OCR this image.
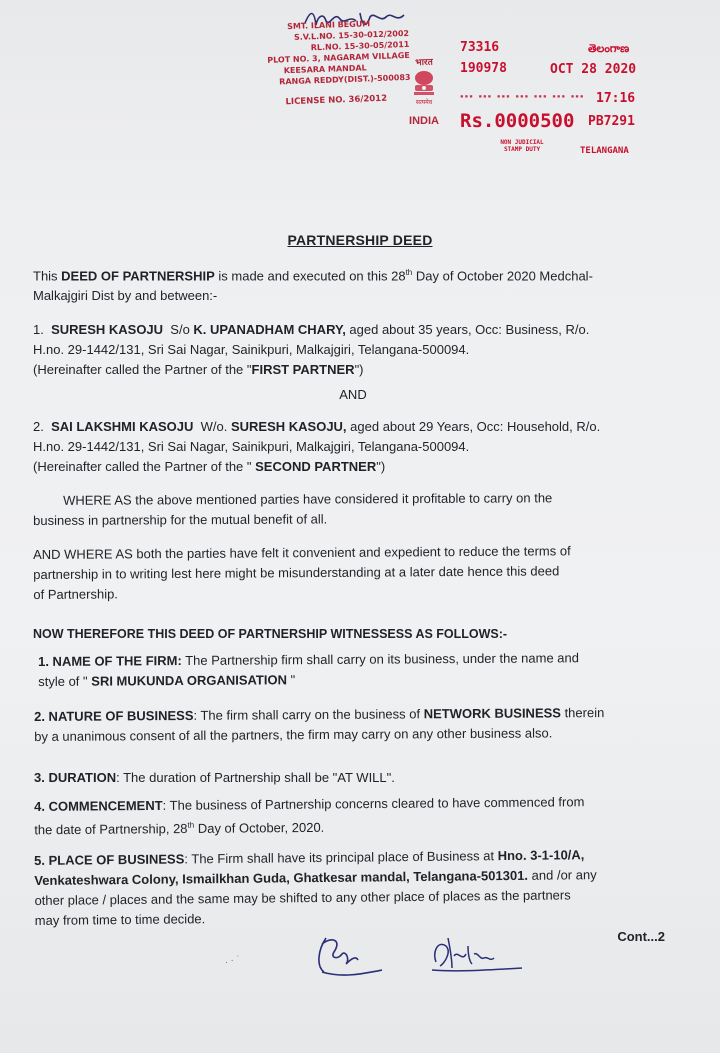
SMT. ILANI BEGUM
S.V.L.NO. 15-30-012/2002
RL.NO. 15-30-05/2011
PLOT NO. 3, NAGARAM VILLAGE
KEESARA MANDAL
RANGA REDDY(DIST.)-500083
LICENSE NO. 36/2012
भारत
सत्यमेव
INDIA
73316	తెలంగాణ
190978	OCT 28 2020
▪▪▪ ▪▪▪ ▪▪▪ ▪▪▪ ▪▪▪ ▪▪▪ ▪▪▪ 17:16
Rs.0000500 PB7291
NON JUDICIAL STAMP DUTY	TELANGANA
PARTNERSHIP DEED
This DEED OF PARTNERSHIP is made and executed on this 28th Day of October 2020 Medchal-
Malkajgiri Dist by and between:-
1. SURESH KASOJU S/o K. UPANADHAM CHARY, aged about 35 years, Occ: Business, R/o.
H.no. 29-1442/131, Sri Sai Nagar, Sainikpuri, Malkajgiri, Telangana-500094.
(Hereinafter called the Partner of the "FIRST PARTNER")
AND
2. SAI LAKSHMI KASOJU W/o. SURESH KASOJU, aged about 29 Years, Occ: Household, R/o.
H.no. 29-1442/131, Sri Sai Nagar, Sainikpuri, Malkajgiri, Telangana-500094.
(Hereinafter called the Partner of the " SECOND PARTNER")
WHERE AS the above mentioned parties have considered it profitable to carry on the
business in partnership for the mutual benefit of all.
AND WHERE AS both the parties have felt it convenient and expedient to reduce the terms of
partnership in to writing lest here might be misunderstanding at a later date hence this deed
of Partnership.
NOW THEREFORE THIS DEED OF PARTNERSHIP WITNESSESS AS FOLLOWS:-
1. NAME OF THE FIRM: The Partnership firm shall carry on its business, under the name and
style of " SRI MUKUNDA ORGANISATION "
2. NATURE OF BUSINESS: The firm shall carry on the business of NETWORK BUSINESS therein
by a unanimous consent of all the partners, the firm may carry on any other business also.
3. DURATION: The duration of Partnership shall be "AT WILL".
4. COMMENCEMENT: The business of Partnership concerns cleared to have commenced from
the date of Partnership, 28th Day of October, 2020.
5. PLACE OF BUSINESS: The Firm shall have its principal place of Business at Hno. 3-1-10/A,
Venkateshwara Colony, Ismailkhan Guda, Ghatkesar mandal, Telangana-501301. and /or any
other place / places and the same may be shifted to any other place of places as the partners
may from time to time decide.
Cont...2
. · ˙
